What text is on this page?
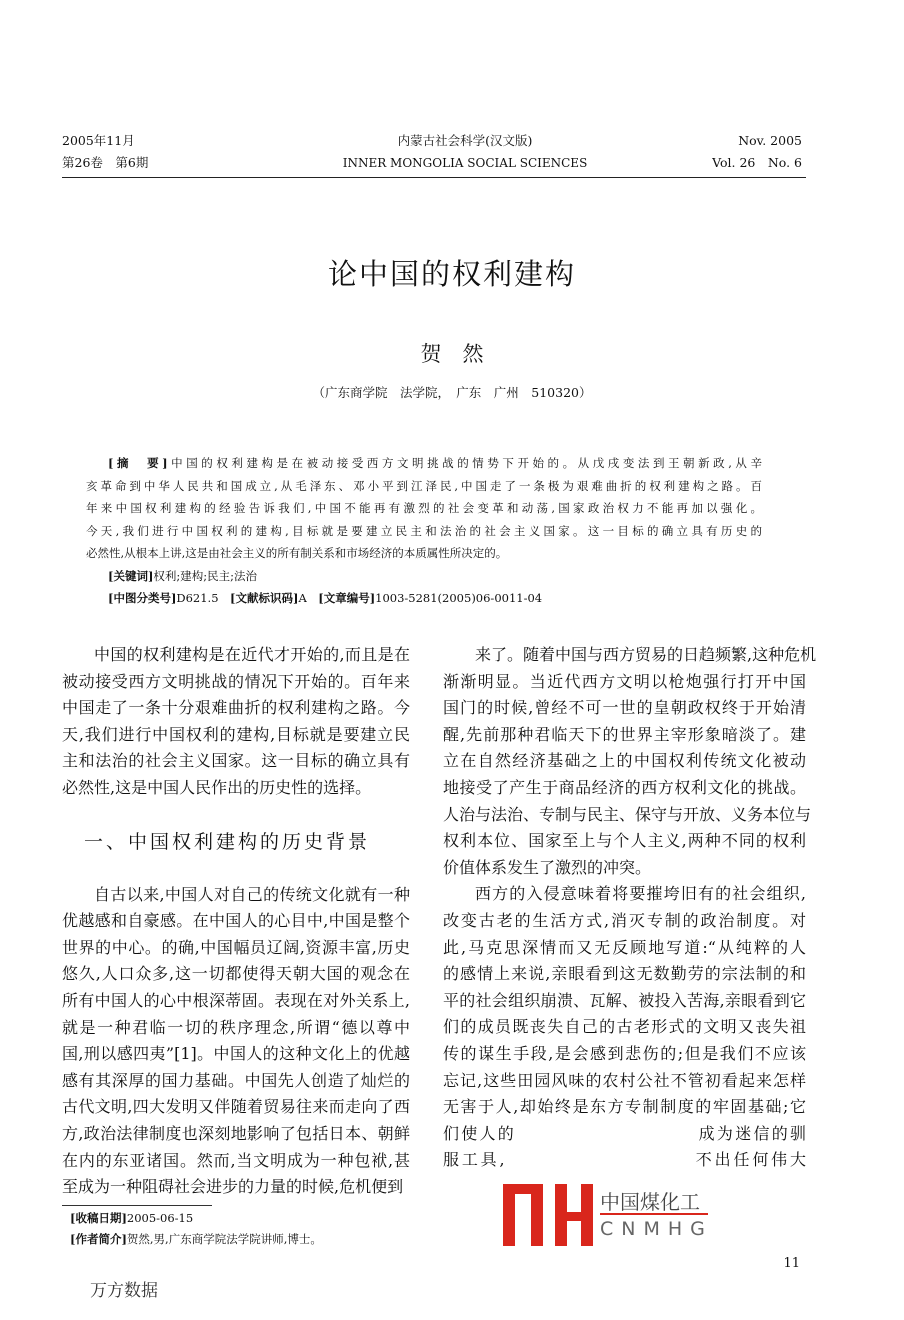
2005年11月
第26卷　第6期
内蒙古社会科学(汉文版)
INNER MONGOLIA SOCIAL SCIENCES
Nov. 2005
Vol. 26　No. 6
论中国的权利建构
贺　然
（广东商学院　法学院，　广东　广州　510320）
[摘　要]中国的权利建构是在被动接受西方文明挑战的情势下开始的。从戊戌变法到王朝新政,从辛
亥革命到中华人民共和国成立,从毛泽东、邓小平到江泽民,中国走了一条极为艰难曲折的权利建构之路。百
年来中国权利建构的经验告诉我们,中国不能再有激烈的社会变革和动荡,国家政治权力不能再加以强化。
今天,我们进行中国权利的建构,目标就是要建立民主和法治的社会主义国家。这一目标的确立具有历史的
必然性,从根本上讲,这是由社会主义的所有制关系和市场经济的本质属性所决定的。
[关键词]权利;建构;民主;法治
[中图分类号]D621.5　 [文献标识码]A　 [文章编号]1003-5281(2005)06-0011-04
中国的权利建构是在近代才开始的,而且是在
被动接受西方文明挑战的情况下开始的。百年来
中国走了一条十分艰难曲折的权利建构之路。今
天,我们进行中国权利的建构,目标就是要建立民
主和法治的社会主义国家。这一目标的确立具有
必然性,这是中国人民作出的历史性的选择。
一、中国权利建构的历史背景
自古以来,中国人对自己的传统文化就有一种
优越感和自豪感。在中国人的心目中,中国是整个
世界的中心。的确,中国幅员辽阔,资源丰富,历史
悠久,人口众多,这一切都使得天朝大国的观念在
所有中国人的心中根深蒂固。表现在对外关系上,
就是一种君临一切的秩序理念,所谓“德以尊中
国,刑以感四夷”[1]。中国人的这种文化上的优越
感有其深厚的国力基础。中国先人创造了灿烂的
古代文明,四大发明又伴随着贸易往来而走向了西
方,政治法律制度也深刻地影响了包括日本、朝鲜
在内的东亚诸国。然而,当文明成为一种包袱,甚
至成为一种阻碍社会进步的力量的时候,危机便到
来了。随着中国与西方贸易的日趋频繁,这种危机
渐渐明显。当近代西方文明以枪炮强行打开中国
国门的时候,曾经不可一世的皇朝政权终于开始清
醒,先前那种君临天下的世界主宰形象暗淡了。建
立在自然经济基础之上的中国权利传统文化被动
地接受了产生于商品经济的西方权利文化的挑战。
人治与法治、专制与民主、保守与开放、义务本位与
权利本位、国家至上与个人主义,两种不同的权利
价值体系发生了激烈的冲突。
西方的入侵意味着将要摧垮旧有的社会组织,
改变古老的生活方式,消灭专制的政治制度。对
此,马克思深情而又无反顾地写道:“从纯粹的人
的感情上来说,亲眼看到这无数勤劳的宗法制的和
平的社会组织崩溃、瓦解、被投入苦海,亲眼看到它
们的成员既丧失自己的古老形式的文明又丧失祖
传的谋生手段,是会感到悲伤的;但是我们不应该
忘记,这些田园风味的农村公社不管初看起来怎样
无害于人,却始终是东方专制制度的牢固基础;它
们使人的　　　　　　　　　　成为迷信的驯
服工具,　　　　　　　　　　不出任何伟大
中国煤化工
CNMHG
[收稿日期]2005-06-15
[作者简介]贺然,男,广东商学院法学院讲师,博士。
11
万方数据
